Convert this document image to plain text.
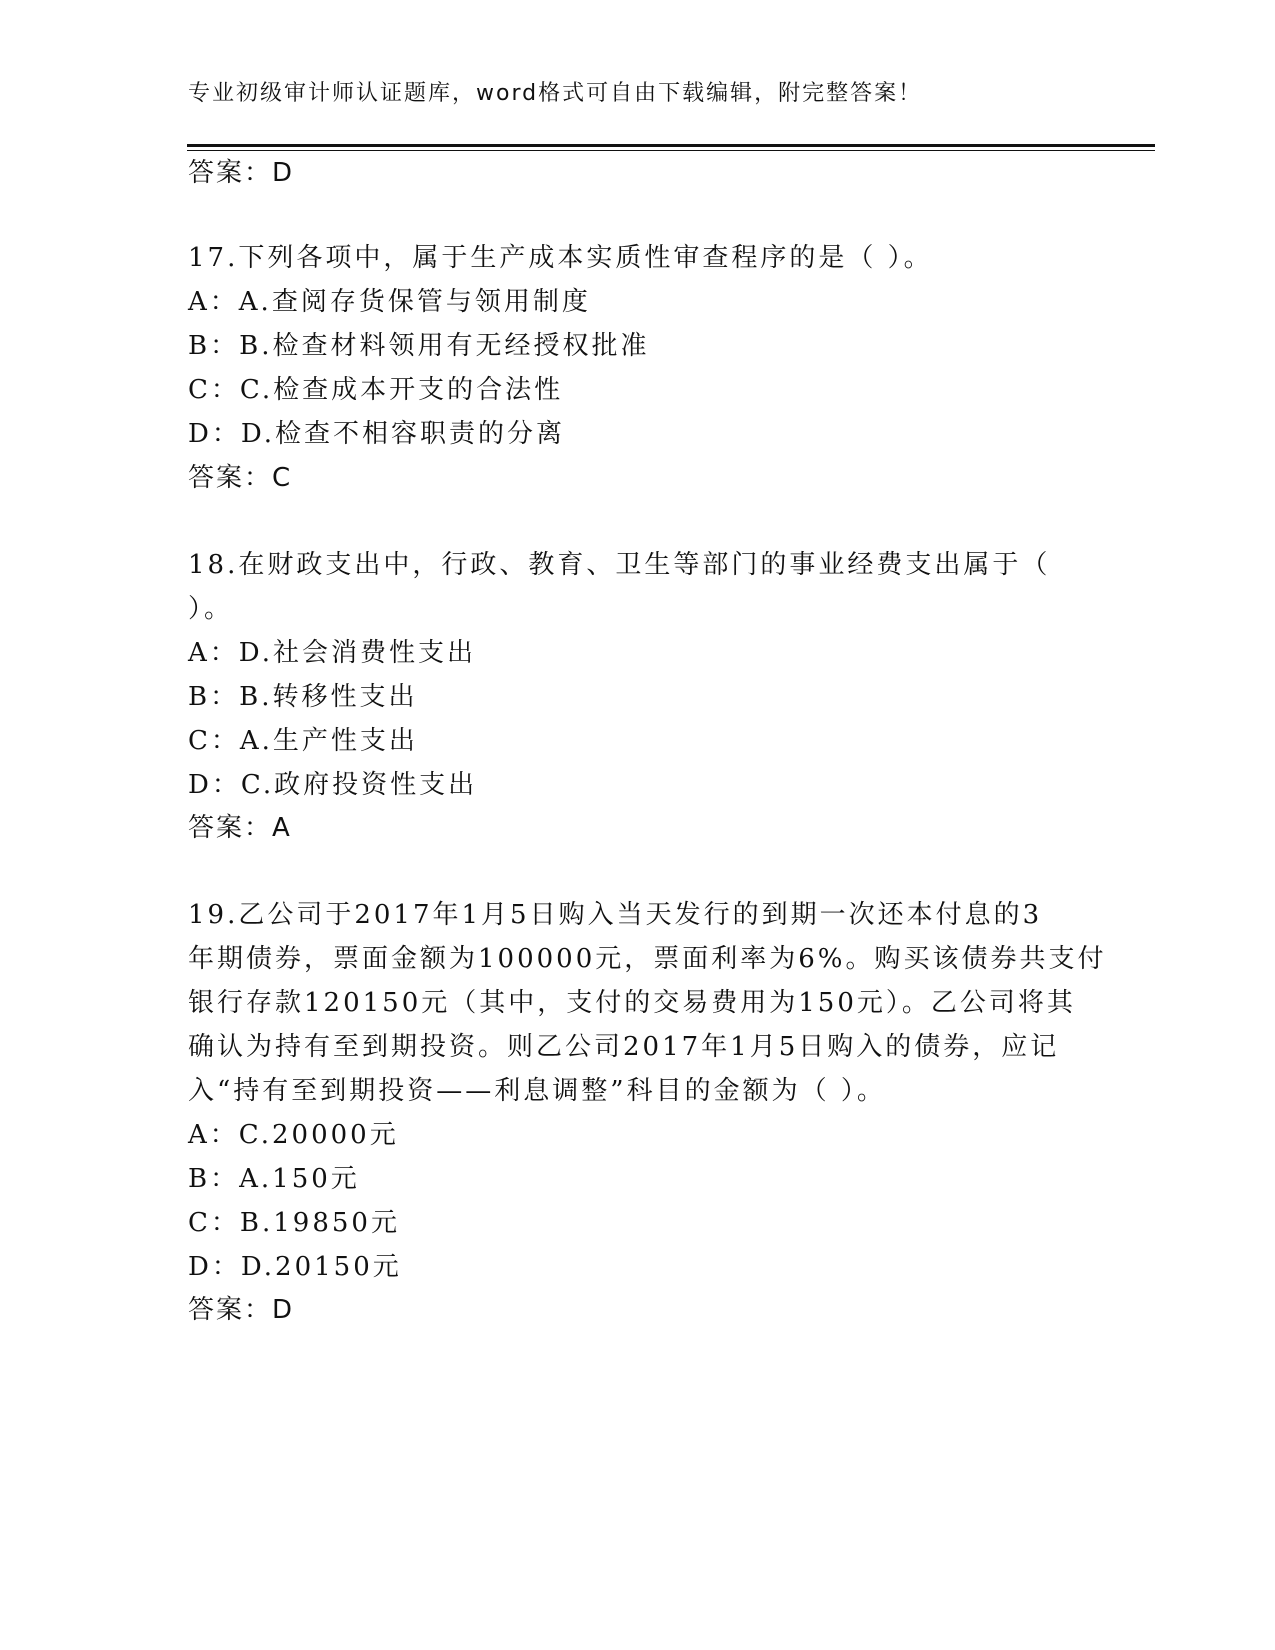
专业初级审计师认证题库，word格式可自由下载编辑，附完整答案！
答案：D
17.下列各项中，属于生产成本实质性审查程序的是（ ）。
A：A.查阅存货保管与领用制度
B：B.检查材料领用有无经授权批准
C：C.检查成本开支的合法性
D：D.检查不相容职责的分离
答案：C
18.在财政支出中，行政、教育、卫生等部门的事业经费支出属于（
）。
A：D.社会消费性支出
B：B.转移性支出
C：A.生产性支出
D：C.政府投资性支出
答案：A
19.乙公司于2017年1月5日购入当天发行的到期一次还本付息的3
年期债券，票面金额为100000元，票面利率为6%。购买该债券共支付
银行存款120150元（其中，支付的交易费用为150元）。乙公司将其
确认为持有至到期投资。则乙公司2017年1月5日购入的债券，应记
入“持有至到期投资——利息调整”科目的金额为（ ）。
A：C.20000元
B：A.150元
C：B.19850元
D：D.20150元
答案：D
